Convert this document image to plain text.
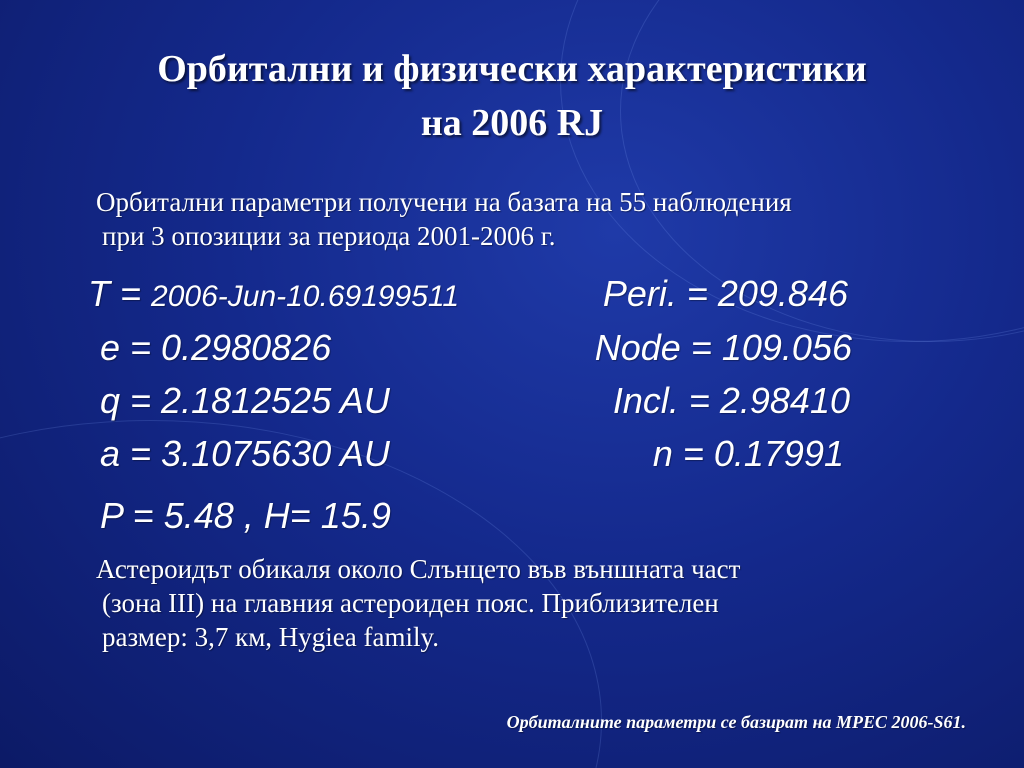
Орбитални и физически характеристики
на 2006 RJ
Орбитални параметри получени на базата на 55 наблюдения
при 3 опозиции за периода 2001-2006 г.
T = 2006-Jun-10.69199511	Peri. = 209.846
e = 0.2980826	Node = 109.056
q = 2.1812525 AU	Incl. = 2.98410
a = 3.1075630 AU	n = 0.17991
P = 5.48 , H= 15.9
Астероидът обикаля около Слънцето във външната част
(зона III) на главния астероиден пояс. Приблизителен
размер: 3,7 км, Hygiea family.
Орбиталните параметри се базират на MPEC 2006-S61.
